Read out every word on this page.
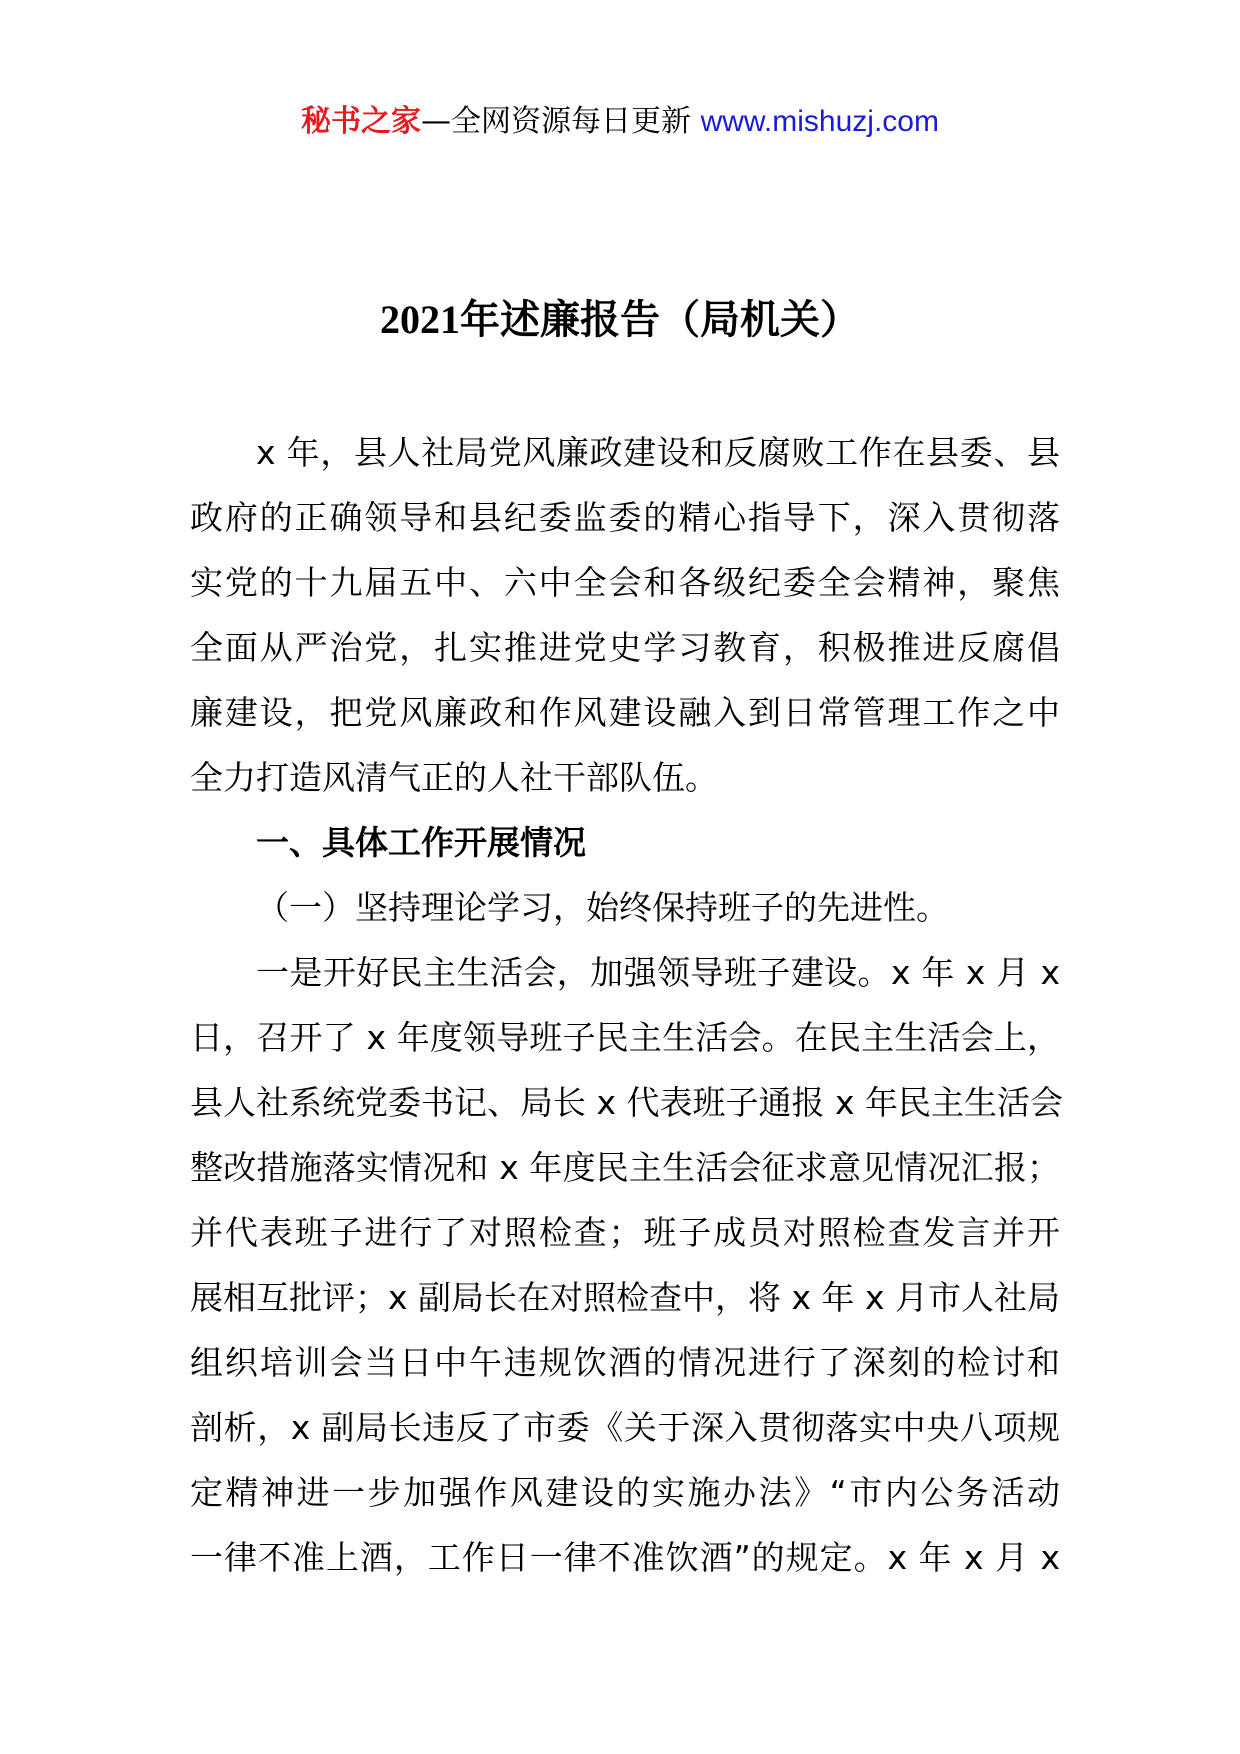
秘书之家—全网资源每日更新 www.mishuzj.com
2021年述廉报告（局机关）
x 年，县人社局党风廉政建设和反腐败工作在县委、县
政府的正确领导和县纪委监委的精心指导下，深入贯彻落
实党的十九届五中、六中全会和各级纪委全会精神，聚焦
全面从严治党，扎实推进党史学习教育，积极推进反腐倡
廉建设，把党风廉政和作风建设融入到日常管理工作之中
全力打造风清气正的人社干部队伍。
一、具体工作开展情况
（一）坚持理论学习，始终保持班子的先进性。
一是开好民主生活会，加强领导班子建设。x 年 x 月 x
日，召开了 x 年度领导班子民主生活会。在民主生活会上，
县人社系统党委书记、局长 x 代表班子通报 x 年民主生活会
整改措施落实情况和 x 年度民主生活会征求意见情况汇报；
并代表班子进行了对照检查；班子成员对照检查发言并开
展相互批评；x 副局长在对照检查中，将 x 年 x 月市人社局
组织培训会当日中午违规饮酒的情况进行了深刻的检讨和
剖析，x 副局长违反了市委《关于深入贯彻落实中央八项规
定精神进一步加强作风建设的实施办法》“市内公务活动
一律不准上酒，工作日一律不准饮酒”的规定。x 年 x 月 x
